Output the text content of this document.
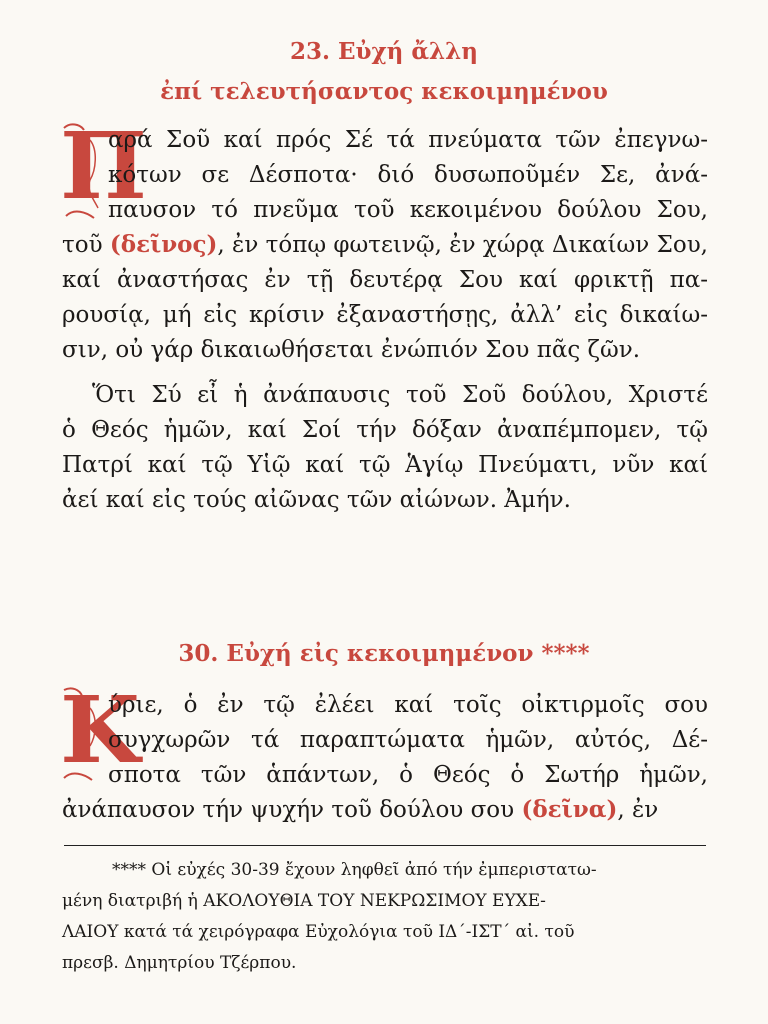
23. Εὐχή ἄλλη
ἐπί τελευτήσαντος κεκοιμημένου
Π
αρά Σοῦ καί πρός Σέ τά πνεύματα τῶν ἐπεγνω-
κότων σε Δέσποτα· διό δυσωποῦμέν Σε, ἀνά-
παυσον τό πνεῦμα τοῦ κεκοιμένου δούλου Σου,
τοῦ (δεῖνος), ἐν τόπῳ φωτεινῷ, ἐν χώρᾳ Δικαίων Σου,
καί ἀναστήσας ἐν τῇ δευτέρᾳ Σου καί φρικτῇ πα-
ρουσίᾳ, μή εἰς κρίσιν ἐξαναστήσῃς, ἀλλ’ εἰς δικαίω-
σιν, οὐ γάρ δικαιωθήσεται ἐνώπιόν Σου πᾶς ζῶν.
Ὅτι Σύ εἶ ἡ ἀνάπαυσις τοῦ Σοῦ δούλου, Χριστέ
ὁ Θεός ἡμῶν, καί Σοί τήν δόξαν ἀναπέμπομεν, τῷ
Πατρί καί τῷ Υἱῷ καί τῷ Ἁγίῳ Πνεύματι, νῦν καί
ἀεί καί εἰς τούς αἰῶνας τῶν αἰώνων. Ἀμήν.
30. Εὐχή εἰς κεκοιμημένον ****
Κ
ύριε, ὁ ἐν τῷ ἐλέει καί τοῖς οἰκτιρμοῖς σου
συγχωρῶν τά παραπτώματα ἡμῶν, αὐτός, Δέ-
σποτα τῶν ἁπάντων, ὁ Θεός ὁ Σωτήρ ἡμῶν,
ἀνάπαυσον τήν ψυχήν τοῦ δούλου σου (δεῖνα), ἐν
**** Οἱ εὐχές 30-39 ἔχουν ληφθεῖ ἀπό τήν ἐμπεριστατω-
μένη διατριβή ἡ ΑΚΟΛΟΥΘΙΑ ΤΟΥ ΝΕΚΡΩΣΙΜΟΥ ΕΥΧΕ-
ΛΑΙΟΥ κατά τά χειρόγραφα Εὐχολόγια τοῦ ΙΔ΄-ΙΣΤ΄ αἰ. τοῦ
πρεσβ. Δημητρίου Τζέρπου.
